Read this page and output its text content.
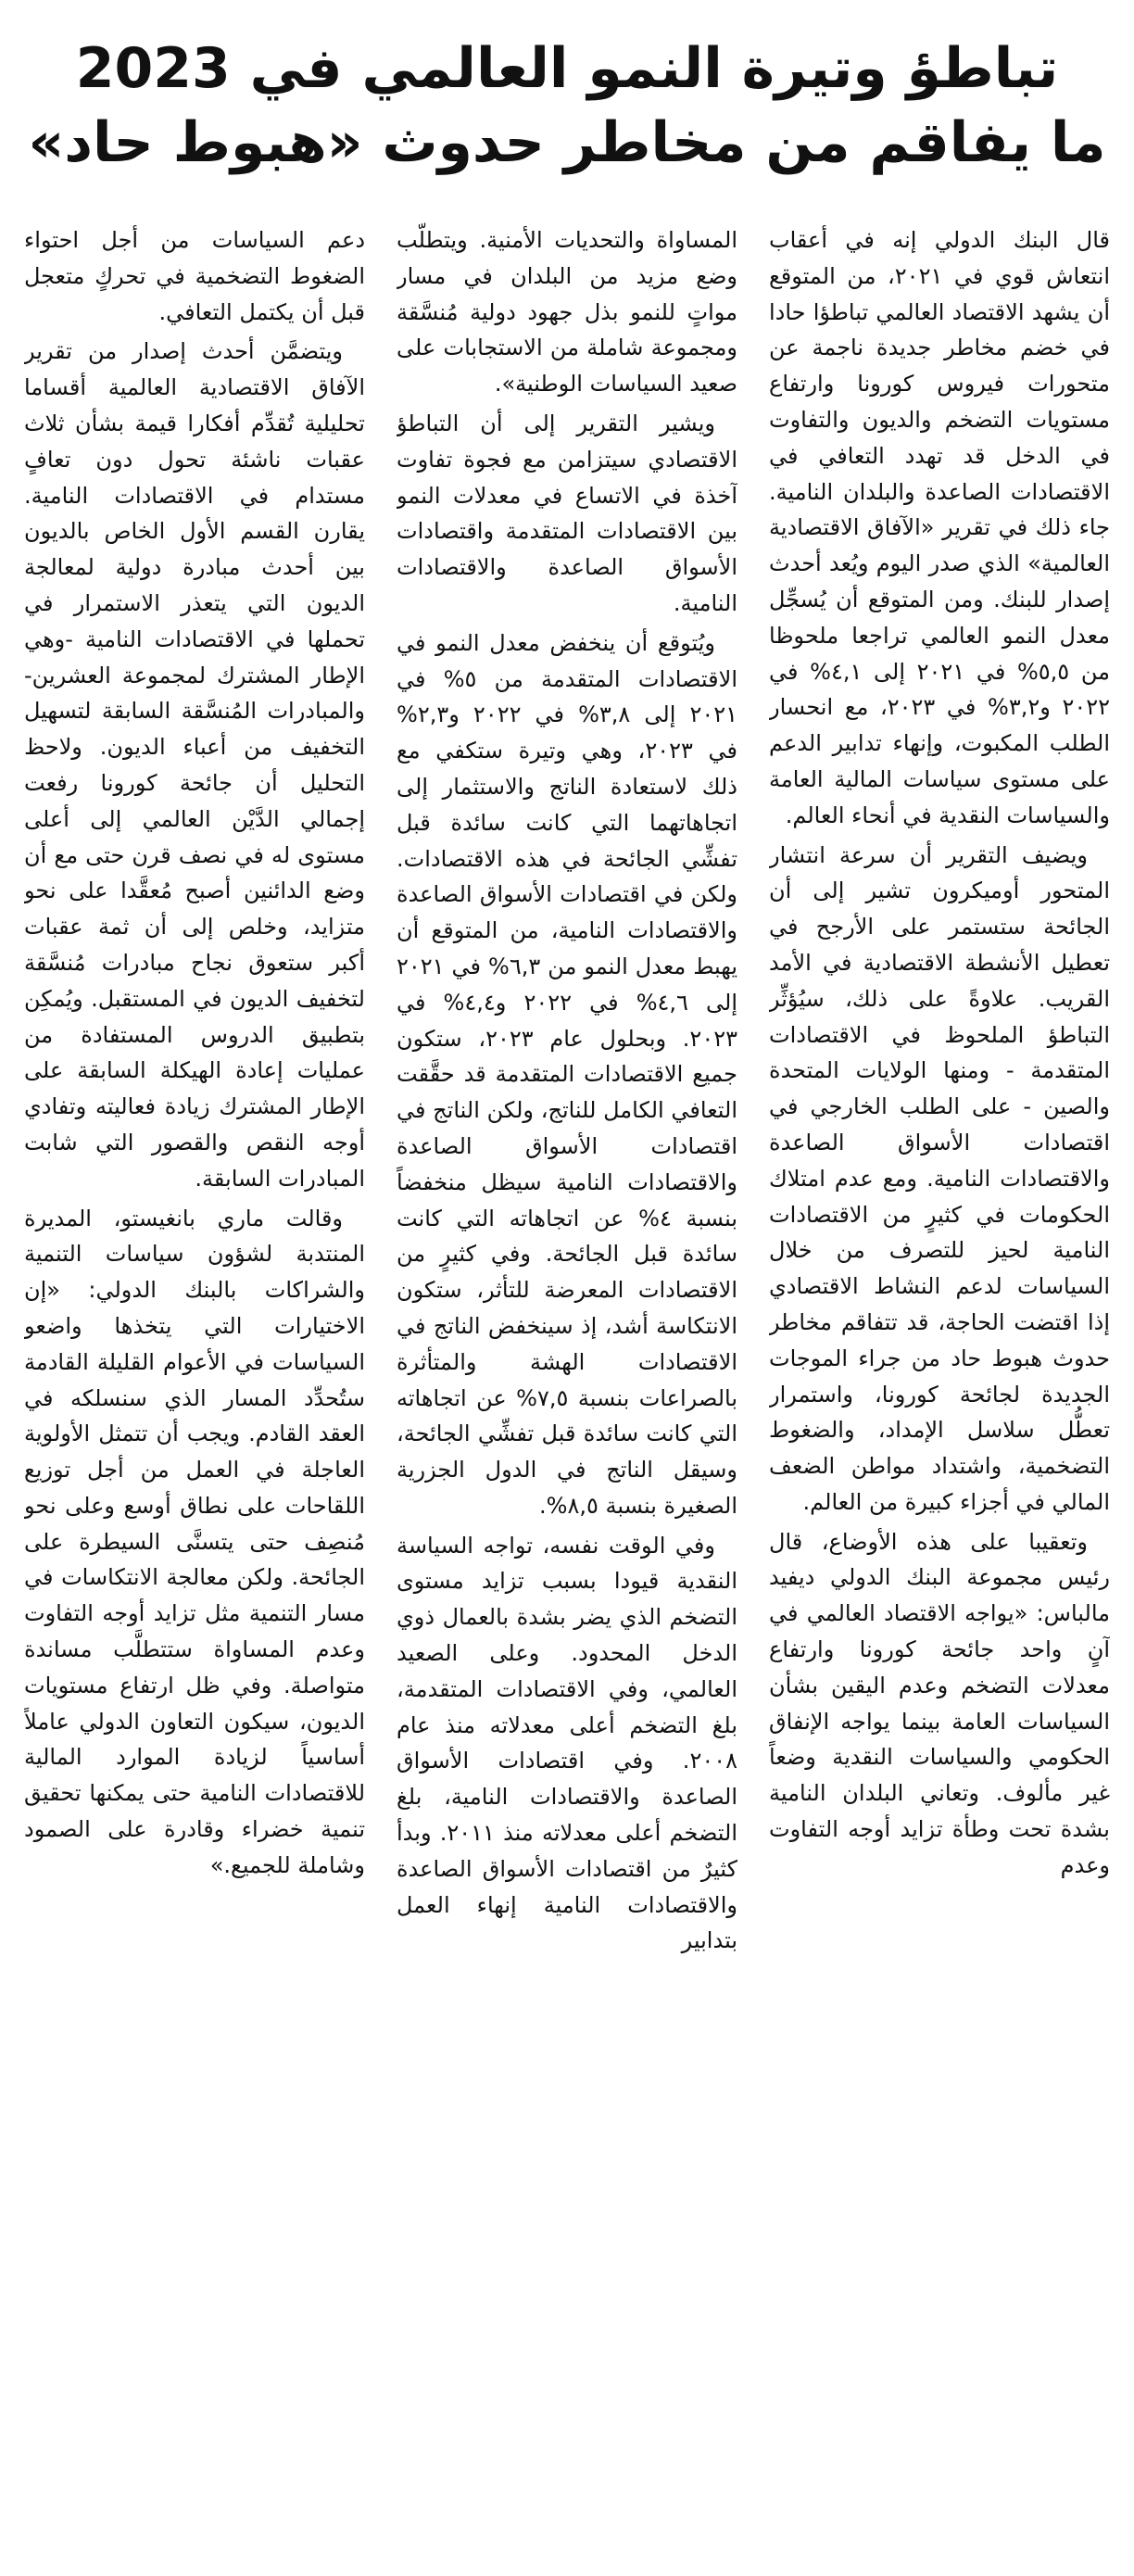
تباطؤ وتيرة النمو العالمي في 2023
ما يفاقم من مخاطر حدوث «هبوط حاد»

قال البنك الدولي إنه في أعقاب انتعاش قوي في ٢٠٢١، من المتوقع أن يشهد الاقتصاد العالمي تباطؤا حادا في خضم مخاطر جديدة ناجمة عن متحورات فيروس كورونا وارتفاع مستويات التضخم والديون والتفاوت في الدخل قد تهدد التعافي في الاقتصادات الصاعدة والبلدان النامية. جاء ذلك في تقرير «الآفاق الاقتصادية العالمية» الذي صدر اليوم ويُعد أحدث إصدار للبنك. ومن المتوقع أن يُسجِّل معدل النمو العالمي تراجعا ملحوظا من ٥,٥% في ٢٠٢١ إلى ٤,١% في ٢٠٢٢ و٣,٢% في ٢٠٢٣، مع انحسار الطلب المكبوت، وإنهاء تدابير الدعم على مستوى سياسات المالية العامة والسياسات النقدية في أنحاء العالم.

ويضيف التقرير أن سرعة انتشار المتحور أوميكرون تشير إلى أن الجائحة ستستمر على الأرجح في تعطيل الأنشطة الاقتصادية في الأمد القريب. علاوةً على ذلك، سيُؤثِّر التباطؤ الملحوظ في الاقتصادات المتقدمة - ومنها الولايات المتحدة والصين - على الطلب الخارجي في اقتصادات الأسواق الصاعدة والاقتصادات النامية. ومع عدم امتلاك الحكومات في كثيرٍ من الاقتصادات النامية لحيز للتصرف من خلال السياسات لدعم النشاط الاقتصادي إذا اقتضت الحاجة، قد تتفاقم مخاطر حدوث هبوط حاد من جراء الموجات الجديدة لجائحة كورونا، واستمرار تعطُّل سلاسل الإمداد، والضغوط التضخمية، واشتداد مواطن الضعف المالي في أجزاء كبيرة من العالم.

وتعقيبا على هذه الأوضاع، قال رئيس مجموعة البنك الدولي ديفيد مالباس: «يواجه الاقتصاد العالمي في آنٍ واحد جائحة كورونا وارتفاع معدلات التضخم وعدم اليقين بشأن السياسات العامة بينما يواجه الإنفاق الحكومي والسياسات النقدية وضعاً غير مألوف. وتعاني البلدان النامية بشدة تحت وطأة تزايد أوجه التفاوت وعدم

المساواة والتحديات الأمنية. ويتطلَّب وضع مزيد من البلدان في مسار مواتٍ للنمو بذل جهود دولية مُنسَّقة ومجموعة شاملة من الاستجابات على صعيد السياسات الوطنية».

ويشير التقرير إلى أن التباطؤ الاقتصادي سيتزامن مع فجوة تفاوت آخذة في الاتساع في معدلات النمو بين الاقتصادات المتقدمة واقتصادات الأسواق الصاعدة والاقتصادات النامية.

ويُتوقع أن ينخفض معدل النمو في الاقتصادات المتقدمة من ٥% في ٢٠٢١ إلى ٣,٨% في ٢٠٢٢ و٢,٣% في ٢٠٢٣، وهي وتيرة ستكفي مع ذلك لاستعادة الناتج والاستثمار إلى اتجاهاتهما التي كانت سائدة قبل تفشِّي الجائحة في هذه الاقتصادات. ولكن في اقتصادات الأسواق الصاعدة والاقتصادات النامية، من المتوقع أن يهبط معدل النمو من ٦,٣% في ٢٠٢١ إلى ٤,٦% في ٢٠٢٢ و٤,٤% في ٢٠٢٣. وبحلول عام ٢٠٢٣، ستكون جميع الاقتصادات المتقدمة قد حقَّقت التعافي الكامل للناتج، ولكن الناتج في اقتصادات الأسواق الصاعدة والاقتصادات النامية سيظل منخفضاً بنسبة ٤% عن اتجاهاته التي كانت سائدة قبل الجائحة. وفي كثيرٍ من الاقتصادات المعرضة للتأثر، ستكون الانتكاسة أشد، إذ سينخفض الناتج في الاقتصادات الهشة والمتأثرة بالصراعات بنسبة ٧,٥% عن اتجاهاته التي كانت سائدة قبل تفشِّي الجائحة، وسيقل الناتج في الدول الجزرية الصغيرة بنسبة ٨,٥%.

وفي الوقت نفسه، تواجه السياسة النقدية قيودا بسبب تزايد مستوى التضخم الذي يضر بشدة بالعمال ذوي الدخل المحدود. وعلى الصعيد العالمي، وفي الاقتصادات المتقدمة، بلغ التضخم أعلى معدلاته منذ عام ٢٠٠٨. وفي اقتصادات الأسواق الصاعدة والاقتصادات النامية، بلغ التضخم أعلى معدلاته منذ ٢٠١١. وبدأ كثيرٌ من اقتصادات الأسواق الصاعدة والاقتصادات النامية إنهاء العمل بتدابير

دعم السياسات من أجل احتواء الضغوط التضخمية في تحركٍ متعجل قبل أن يكتمل التعافي.

ويتضمَّن أحدث إصدار من تقرير الآفاق الاقتصادية العالمية أقساما تحليلية تُقدِّم أفكارا قيمة بشأن ثلاث عقبات ناشئة تحول دون تعافٍ مستدام في الاقتصادات النامية. يقارن القسم الأول الخاص بالديون بين أحدث مبادرة دولية لمعالجة الديون التي يتعذر الاستمرار في تحملها في الاقتصادات النامية -وهي الإطار المشترك لمجموعة العشرين- والمبادرات المُنسَّقة السابقة لتسهيل التخفيف من أعباء الديون. ولاحظ التحليل أن جائحة كورونا رفعت إجمالي الدَّيْن العالمي إلى أعلى مستوى له في نصف قرن حتى مع أن وضع الدائنين أصبح مُعقَّدا على نحو متزايد، وخلص إلى أن ثمة عقبات أكبر ستعوق نجاح مبادرات مُنسَّقة لتخفيف الديون في المستقبل. ويُمكِن بتطبيق الدروس المستفادة من عمليات إعادة الهيكلة السابقة على الإطار المشترك زيادة فعاليته وتفادي أوجه النقص والقصور التي شابت المبادرات السابقة.

وقالت ماري بانغيستو، المديرة المنتدبة لشؤون سياسات التنمية والشراكات بالبنك الدولي: «إن الاختيارات التي يتخذها واضعو السياسات في الأعوام القليلة القادمة ستُحدِّد المسار الذي سنسلكه في العقد القادم. ويجب أن تتمثل الأولوية العاجلة في العمل من أجل توزيع اللقاحات على نطاق أوسع وعلى نحو مُنصِف حتى يتسنَّى السيطرة على الجائحة. ولكن معالجة الانتكاسات في مسار التنمية مثل تزايد أوجه التفاوت وعدم المساواة ستتطلَّب مساندة متواصلة. وفي ظل ارتفاع مستويات الديون، سيكون التعاون الدولي عاملاً أساسياً لزيادة الموارد المالية للاقتصادات النامية حتى يمكنها تحقيق تنمية خضراء وقادرة على الصمود وشاملة للجميع.»
